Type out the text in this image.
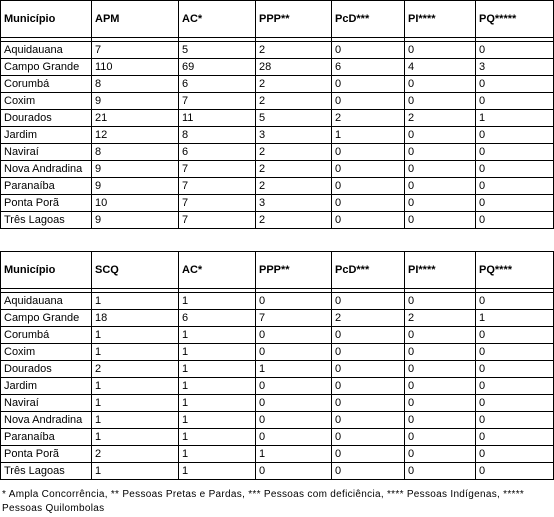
Município	APM	AC*	PPP**	PcD***	PI****	PQ*****

Aquidauana	7	5	2	0	0	0
Campo Grande	110	69	28	6	4	3
Corumbá	8	6	2	0	0	0
Coxim	9	7	2	0	0	0
Dourados	21	11	5	2	2	1
Jardim	12	8	3	1	0	0
Naviraí	8	6	2	0	0	0
Nova Andradina	9	7	2	0	0	0
Paranaíba	9	7	2	0	0	0
Ponta Porã	10	7	3	0	0	0
Três Lagoas	9	7	2	0	0	0
Município	SCQ	AC*	PPP**	PcD***	PI****	PQ****

Aquidauana	1	1	0	0	0	0
Campo Grande	18	6	7	2	2	1
Corumbá	1	1	0	0	0	0
Coxim	1	1	0	0	0	0
Dourados	2	1	1	0	0	0
Jardim	1	1	0	0	0	0
Naviraí	1	1	0	0	0	0
Nova Andradina	1	1	0	0	0	0
Paranaíba	1	1	0	0	0	0
Ponta Porã	2	1	1	0	0	0
Três Lagoas	1	1	0	0	0	0
* Ampla Concorrência, ** Pessoas Pretas e Pardas, *** Pessoas com deficiência, **** Pessoas Indígenas, ***** Pessoas Quilombolas
